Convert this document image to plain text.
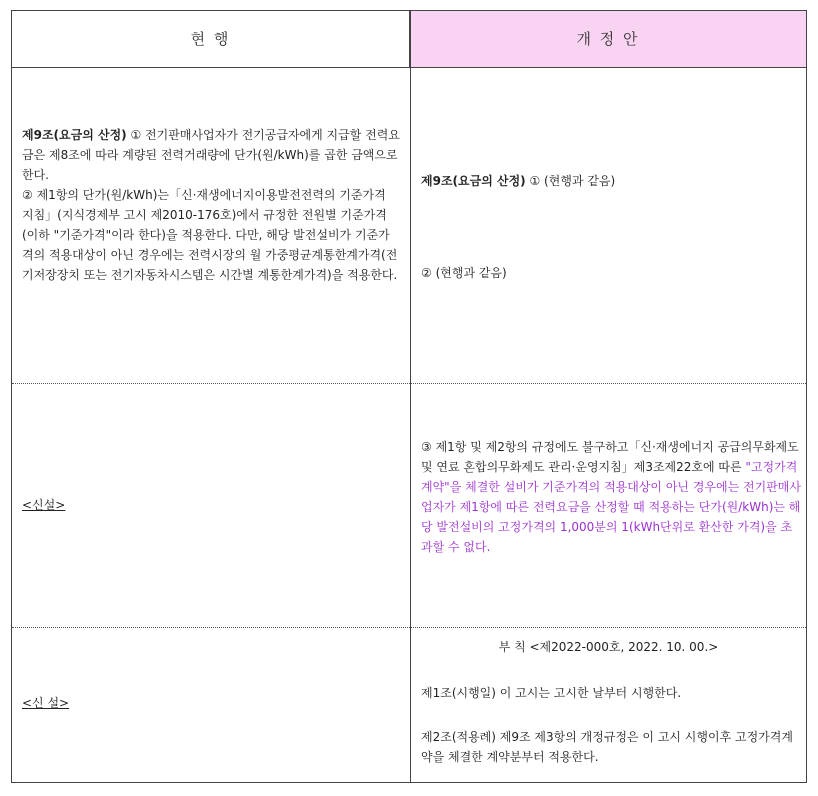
현 행	개 정 안
제9조(요금의 산정) ① 전기판매사업자가 전기공급자에게 지급할 전력요금은 제8조에 따라 계량된 전력거래량에 단가(원/kWh)를 곱한 금액으로 한다.
② 제1항의 단가(원/kWh)는「신·재생에너지이용발전전력의 기준가격 지침」(지식경제부 고시 제2010-176호)에서 규정한 전원별 기준가격(이하 "기준가격"이라 한다)을 적용한다. 다만, 해당 발전설비가 기준가격의 적용대상이 아닌 경우에는 전력시장의 월 가중평균계통한계가격(전기저장장치 또는 전기자동차시스템은 시간별 계통한계가격)을 적용한다.
제9조(요금의 산정) ① (현행과 같음)
② (현행과 같음)
<신설>
③ 제1항 및 제2항의 규정에도 불구하고「신·재생에너지 공급의무화제도 및 연료 혼합의무화제도 관리·운영지침」제3조제22호에 따른 "고정가격계약"을 체결한 설비가 기준가격의 적용대상이 아닌 경우에는 전기판매사업자가 제1항에 따른 전력요금을 산정할 때 적용하는 단가(원/kWh)는 해당 발전설비의 고정가격의 1,000분의 1(kWh단위로 환산한 가격)을 초과할 수 없다.
<신 설>
부 칙 <제2022-000호, 2022. 10. 00.>
제1조(시행일) 이 고시는 고시한 날부터 시행한다.
제2조(적용례) 제9조 제3항의 개정규정은 이 고시 시행이후 고정가격계약을 체결한 계약분부터 적용한다.
